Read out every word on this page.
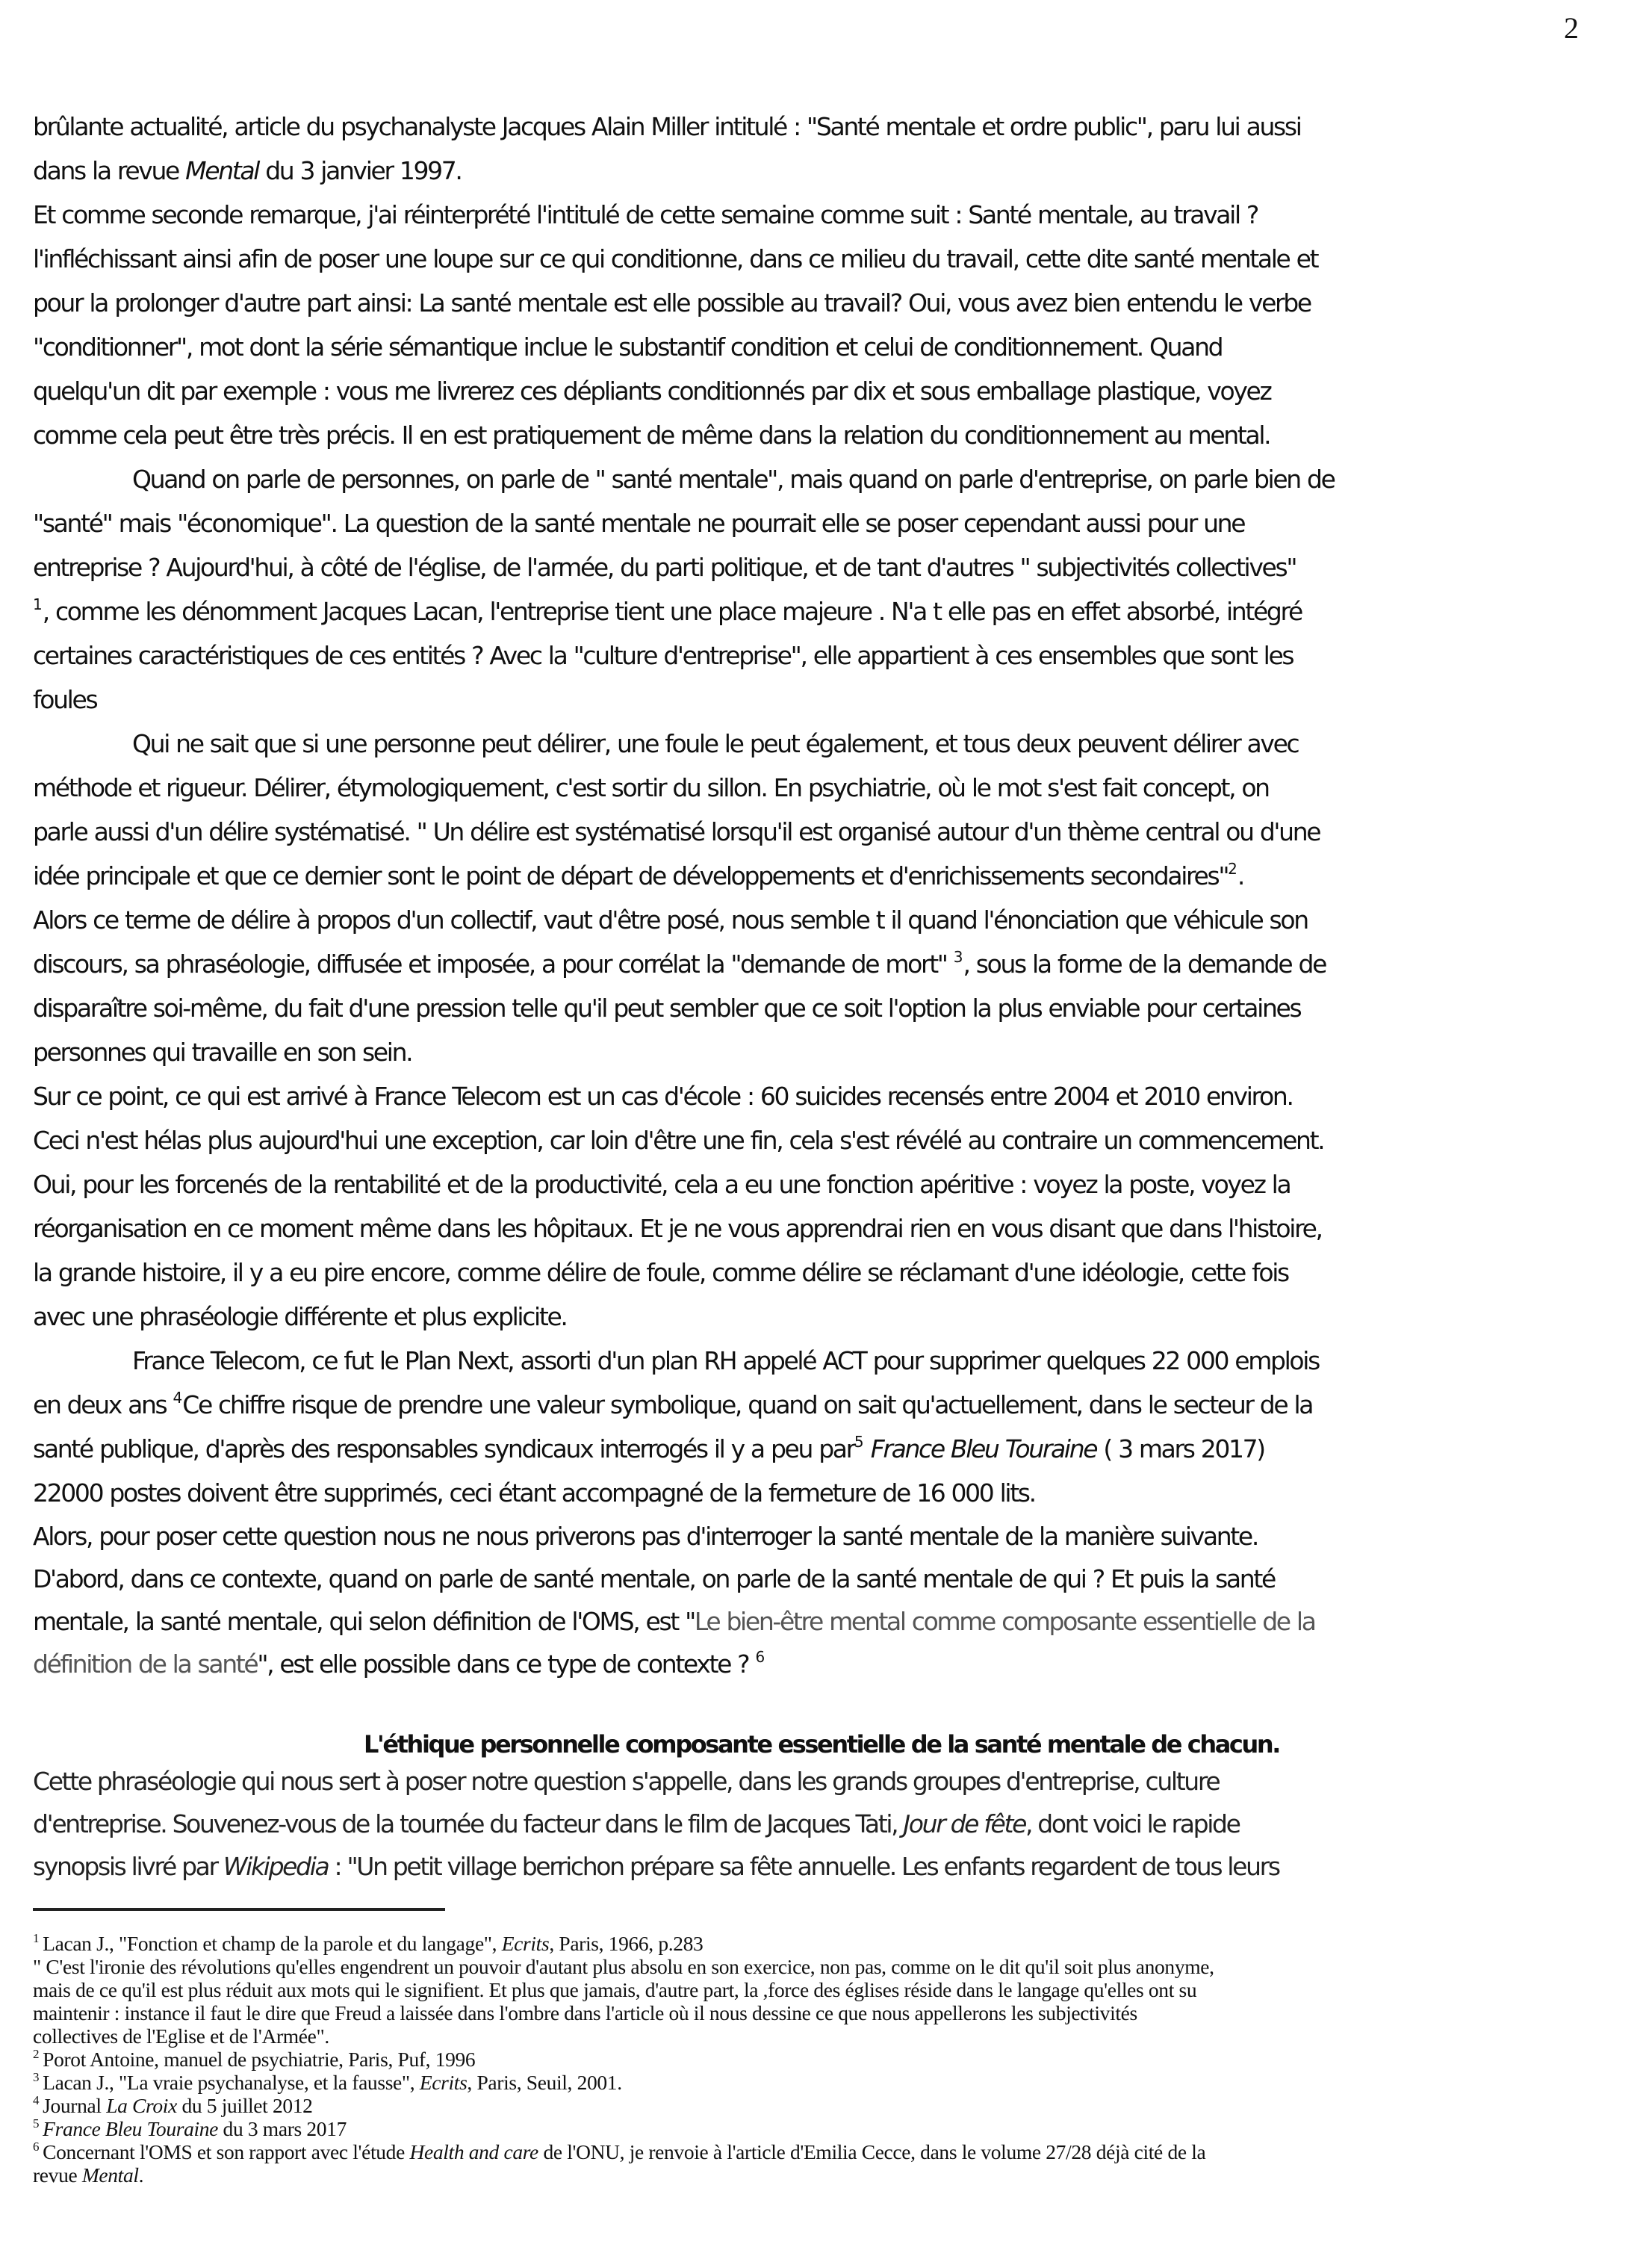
2
brûlante actualité, article du psychanalyste Jacques Alain Miller intitulé : "Santé mentale et ordre public", paru lui aussi
dans la revue Mental du 3 janvier 1997.
Et comme seconde remarque, j'ai réinterprété l'intitulé de cette semaine comme suit : Santé mentale, au travail ?
l'infléchissant ainsi afin de poser une loupe sur ce qui conditionne, dans ce milieu du travail, cette dite santé mentale et
pour la prolonger d'autre part ainsi: La santé mentale est elle possible au travail? Oui, vous avez bien entendu le verbe
"conditionner", mot dont la série sémantique inclue le substantif condition et celui de conditionnement. Quand
quelqu'un dit par exemple : vous me livrerez ces dépliants conditionnés par dix et sous emballage plastique, voyez
comme cela peut être très précis. Il en est pratiquement de même dans la relation du conditionnement au mental.
Quand on parle de personnes, on parle de " santé mentale", mais quand on parle d'entreprise, on parle bien de
"santé" mais "économique". La question de la santé mentale ne pourrait elle se poser cependant aussi pour une
entreprise ? Aujourd'hui, à côté de l'église, de l'armée, du parti politique, et de tant d'autres " subjectivités collectives"
$^1$, comme les dénomment Jacques Lacan, l'entreprise tient une place majeure . N'a t elle pas en effet absorbé, intégré
certaines caractéristiques de ces entités ? Avec la "culture d'entreprise", elle appartient à ces ensembles que sont les
foules
Qui ne sait que si une personne peut délirer, une foule le peut également, et tous deux peuvent délirer avec
méthode et rigueur. Délirer, étymologiquement, c'est sortir du sillon. En psychiatrie, où le mot s'est fait concept, on
parle aussi d'un délire systématisé. " Un délire est systématisé lorsqu'il est organisé autour d'un thème central ou d'une
idée principale et que ce dernier sont le point de départ de développements et d'enrichissements secondaires"$^2$.
Alors ce terme de délire à propos d'un collectif, vaut d'être posé, nous semble t il quand l'énonciation que véhicule son
discours, sa phraséologie, diffusée et imposée, a pour corrélat la "demande de mort" $^3$, sous la forme de la demande de
disparaître soi-même, du fait d'une pression telle qu'il peut sembler que ce soit l'option la plus enviable pour certaines
personnes qui travaille en son sein.
Sur ce point, ce qui est arrivé à France Telecom est un cas d'école : 60 suicides recensés entre 2004 et 2010 environ.
Ceci n'est hélas plus aujourd'hui une exception, car loin d'être une fin, cela s'est révélé au contraire un commencement.
Oui, pour les forcenés de la rentabilité et de la productivité, cela a eu une fonction apéritive : voyez la poste, voyez la
réorganisation en ce moment même dans les hôpitaux. Et je ne vous apprendrai rien en vous disant que dans l'histoire,
la grande histoire, il y a eu pire encore, comme délire de foule, comme délire se réclamant d'une idéologie, cette fois
avec une phraséologie différente et plus explicite.
France Telecom, ce fut le Plan Next, assorti d'un plan RH appelé ACT pour supprimer quelques 22 000 emplois
en deux ans $^4$Ce chiffre risque de prendre une valeur symbolique, quand on sait qu'actuellement, dans le secteur de la
santé publique, d'après des responsables syndicaux interrogés il y a peu par$^5$ France Bleu Touraine ( 3 mars 2017)
22000 postes doivent être supprimés, ceci étant accompagné de la fermeture de 16 000 lits.
Alors, pour poser cette question nous ne nous priverons pas d'interroger la santé mentale de la manière suivante.
D'abord, dans ce contexte, quand on parle de santé mentale, on parle de la santé mentale de qui ? Et puis la santé
mentale, la santé mentale, qui selon définition de l'OMS, est "Le bien-être mental comme composante essentielle de la
définition de la santé", est elle possible dans ce type de contexte ? $^6$
L'éthique personnelle composante essentielle de la santé mentale de chacun.
Cette phraséologie qui nous sert à poser notre question s'appelle, dans les grands groupes d'entreprise, culture
d'entreprise. Souvenez-vous de la tournée du facteur dans le film de Jacques Tati, Jour de fête, dont voici le rapide
synopsis livré par Wikipedia : "Un petit village berrichon prépare sa fête annuelle. Les enfants regardent de tous leurs
$^1$ Lacan J., "Fonction et champ de la parole et du langage", Ecrits, Paris, 1966, p.283
" C'est l'ironie des révolutions qu'elles engendrent un pouvoir d'autant plus absolu en son exercice, non pas, comme on le dit qu'il soit plus anonyme,
mais de ce qu'il est plus réduit aux mots qui le signifient. Et plus que jamais, d'autre part, la ,force des églises réside dans le langage qu'elles ont su
maintenir : instance il faut le dire que Freud a laissée dans l'ombre dans l'article où il nous dessine ce que nous appellerons les subjectivités
collectives de l'Eglise et de l'Armée".
$^2$ Porot Antoine, manuel de psychiatrie, Paris, Puf, 1996
$^3$ Lacan J., "La vraie psychanalyse, et la fausse", Ecrits, Paris, Seuil, 2001.
$^4$ Journal La Croix du 5 juillet 2012
$^5$ France Bleu Touraine du 3 mars 2017
$^6$ Concernant l'OMS et son rapport avec l'étude Health and care de l'ONU, je renvoie à l'article d'Emilia Cecce, dans le volume 27/28 déjà cité de la
revue Mental.
